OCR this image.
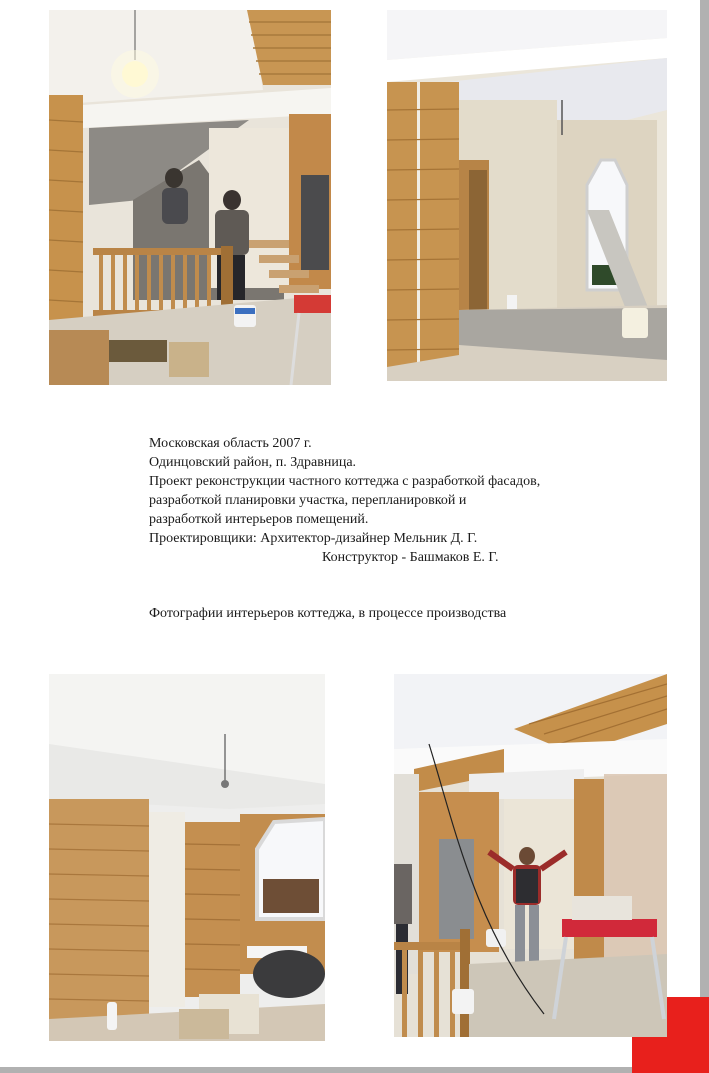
Московская область 2007 г.
Одинцовский район, п. Здравница.
Проект реконструкции частного коттеджа с разработкой фасадов,
разработкой планировки участка, перепланировкой и
разработкой интерьеров помещений.
Проектировщики: Архитектор-дизайнер Мельник Д. Г.
Конструктор - Башмаков Е. Г.
Фотографии интерьеров коттеджа, в процессе производства
